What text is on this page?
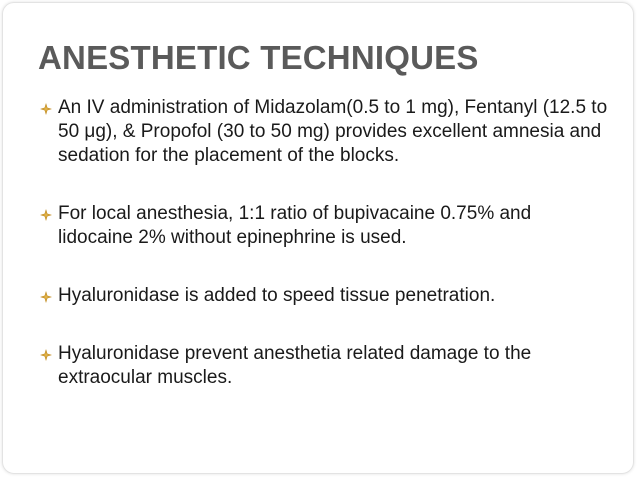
ANESTHETIC TECHNIQUES
An IV administration of Midazolam(0.5 to 1 mg), Fentanyl (12.5 to 50 μg), & Propofol (30 to 50 mg) provides excellent amnesia and sedation for the placement of the blocks.
For local anesthesia, 1:1 ratio of bupivacaine 0.75% and lidocaine 2% without epinephrine is used.
Hyaluronidase is added to speed tissue penetration.
Hyaluronidase prevent anesthetia related damage to the extraocular muscles.
